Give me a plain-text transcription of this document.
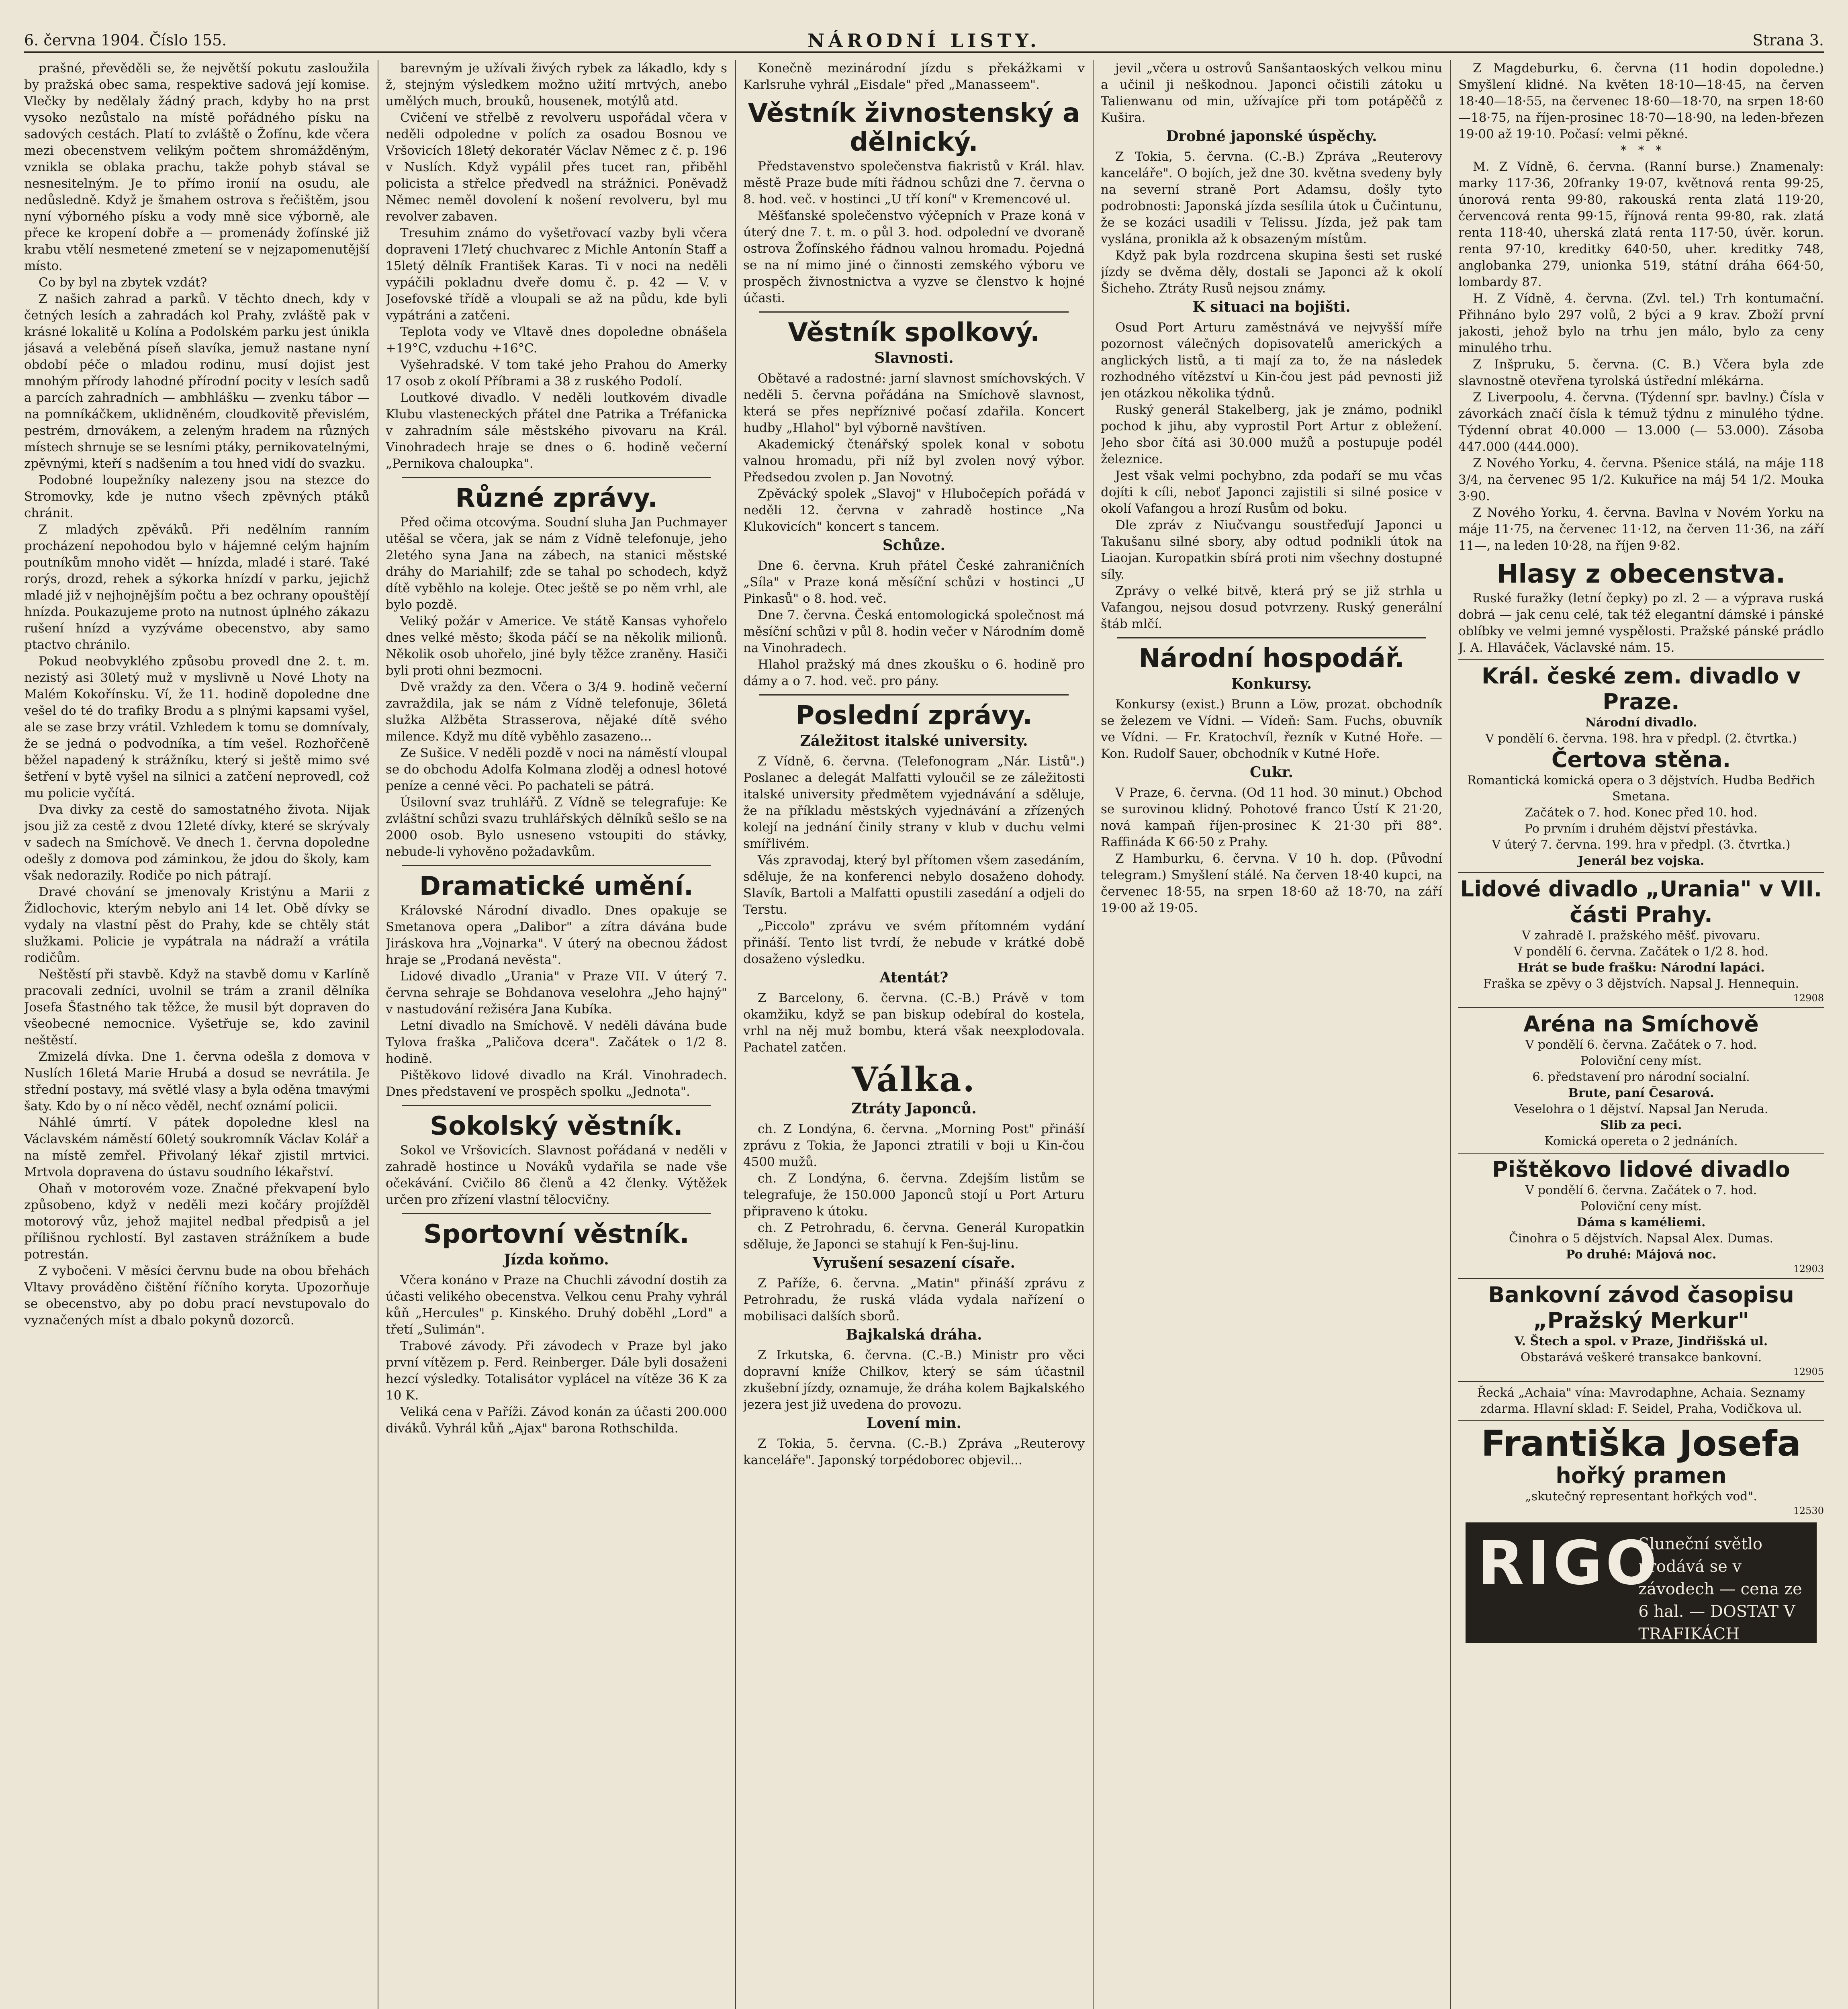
6. června 1904. Číslo 155.	NÁRODNÍ LISTY.	Strana 3.

prašné, převěděli se, že největší pokutu zasloužila by pražská obec sama, respektive sadová její komise. Vlečky by nedělaly žádný prach, kdyby ho na prst vysoko nezůstalo na místě pořádného písku na sadových cestách. Platí to zvláště o Žofínu, kde včera mezi obecenstvem velikým počtem shromážděným, vznikla se oblaka prachu, takže pohyb stával se nesnesitelným. Je to přímo ironií na osudu, ale nedůsledně. Když je šmahem ostrova s řečištěm, jsou nyní výborného písku a vody mně sice výborně, ale přece ke kropení dobře a — promenády žofínské již krabu vtělí nesmetené zmetení se v nejzapomenutější místo.

Co by byl na zbytek vzdát?

Z našich zahrad a parků. V těchto dnech, kdy v četných lesích a zahradách kol Prahy, zvláště pak v krásné lokalitě u Kolína a Podolském parku jest únikla jásavá a veleběná píseň slavíka, jemuž nastane nyní období péče o mladou rodinu, musí dojist jest mnohým přírody lahodné přírodní pocity v lesích sadů a parcích zahradních — ambhlášku — zvenku tábor — na pomníkáčkem, uklidněném, cloudkovitě převislém, pestrém, drnovákem, a zeleným hradem na různých místech shrnuje se se lesními ptáky, pernikovatelnými, zpěvnými, kteří s nadšením a tou hned vidí do svazku.

Podobné loupežníky nalezeny jsou na stezce do Stromovky, kde je nutno všech zpěvných ptáků chránit.

Z mladých zpěváků. Při nedělním ranním procházení nepohodou bylo v hájemné celým hajním poutníkům mnoho vidět — hnízda, mladé i staré. Také rorýs, drozd, rehek a sýkorka hnízdí v parku, jejichž mladé již v nejhojnějším počtu a bez ochrany opouštějí hnízda. Poukazujeme proto na nutnost úplného zákazu rušení hnízd a vyzýváme obecenstvo, aby samo ptactvo chránilo.

Pokud neobvyklého způsobu provedl dne 2. t. m. nezistý asi 30letý muž v myslivně u Nové Lhoty na Malém Kokořínsku. Ví, že 11. hodině dopoledne dne vešel do té do trafiky Brodu a s plnými kapsami vyšel, ale se zase brzy vrátil. Vzhledem k tomu se domnívaly, že se jedná o podvodníka, a tím vešel. Rozhořčeně běžel napadený k strážníku, který si ještě mimo své šetření v bytě vyšel na silnici a zatčení neprovedl, což mu policie vyčítá.

Dva divky za cestě do samostatného života. Nijak jsou již za cestě z dvou 12leté dívky, které se skrývaly v sadech na Smíchově. Ve dnech 1. června dopoledne odešly z domova pod záminkou, že jdou do školy, kam však nedorazily. Rodiče po nich pátrají.

Dravé chování se jmenovaly Kristýnu a Marii z Židlochovic, kterým nebylo ani 14 let. Obě dívky se vydaly na vlastní pěst do Prahy, kde se chtěly stát služkami. Policie je vypátrala na nádraží a vrátila rodičům.

Neštěstí při stavbě. Když na stavbě domu v Karlíně pracovali zedníci, uvolnil se trám a zranil dělníka Josefa Šťastného tak těžce, že musil být dopraven do všeobecné nemocnice. Vyšetřuje se, kdo zavinil neštěstí.

Zmizelá dívka. Dne 1. června odešla z domova v Nuslích 16letá Marie Hrubá a dosud se nevrátila. Je střední postavy, má světlé vlasy a byla oděna tmavými šaty. Kdo by o ní něco věděl, nechť oznámí policii.

Náhlé úmrtí. V pátek dopoledne klesl na Václavském náměstí 60letý soukromník Václav Kolář a na místě zemřel. Přivolaný lékař zjistil mrtvici. Mrtvola dopravena do ústavu soudního lékařství.

Ohaň v motorovém voze. Značné překvapení bylo způsobeno, když v neděli mezi kočáry projížděl motorový vůz, jehož majitel nedbal předpisů a jel přílišnou rychlostí. Byl zastaven strážníkem a bude potrestán.

Z vybočeni. V měsíci červnu bude na obou břehách Vltavy prováděno čištění říčního koryta. Upozorňuje se obecenstvo, aby po dobu prací nevstupovalo do vyznačených míst a dbalo pokynů dozorců.

barevným je užívali živých rybek za lákadlo, kdy s ž, stejným výsledkem možno užití mrtvých, anebo umělých much, brouků, housenek, motýlů atd.

Cvičení ve střelbě z revolveru uspořádal včera v neděli odpoledne v polích za osadou Bosnou ve Vršovicích 18letý dekoratér Václav Němec z č. p. 196 v Nuslích. Když vypálil přes tucet ran, přiběhl policista a střelce předvedl na strážnici. Poněvadž Němec neměl dovolení k nošení revolveru, byl mu revolver zabaven.

Tresuhim známo do vyšetřovací vazby byli včera dopraveni 17letý chuchvarec z Michle Antonín Staff a 15letý dělník František Karas. Ti v noci na neděli vypáčili pokladnu dveře domu č. p. 42 — V. v Josefovské třídě a vloupali se až na půdu, kde byli vypátráni a zatčeni.

Teplota vody ve Vltavě dnes dopoledne obnášela +19°C, vzduchu +16°C.

Vyšehradské. V tom také jeho Prahou do Amerky 17 osob z okolí Příbrami a 38 z ruského Podolí.

Loutkové divadlo. V neděli loutkovém divadle Klubu vlasteneckých přátel dne Patrika a Tréfanicka v zahradním sále městského pivovaru na Král. Vinohradech hraje se dnes o 6. hodině večerní „Pernikova chaloupka".

Různé zprávy.

Před očima otcovýma. Soudní sluha Jan Puchmayer utěšal se včera, jak se nám z Vídně telefonuje, jeho 2letého syna Jana na zábech, na stanici městské dráhy do Mariahilf; zde se tahal po schodech, když dítě vyběhlo na koleje. Otec ještě se po něm vrhl, ale bylo pozdě.

Veliký požár v Americe. Ve státě Kansas vyhořelo dnes velké město; škoda páčí se na několik milionů. Několik osob uhořelo, jiné byly těžce zraněny. Hasiči byli proti ohni bezmocni.

Dvě vraždy za den. Včera o 3/4 9. hodině večerní zavraždila, jak se nám z Vídně telefonuje, 36letá služka Alžběta Strasserova, nějaké dítě svého milence. Když mu dítě vyběhlo zasazeno...

Ze Sušice. V neděli pozdě v noci na náměstí vloupal se do obchodu Adolfa Kolmana zloděj a odnesl hotové peníze a cenné věci. Po pachateli se pátrá.

Úsilovní svaz truhlářů. Z Vídně se telegrafuje: Ke zvláštní schůzi svazu truhlářských dělníků sešlo se na 2000 osob. Bylo usneseno vstoupiti do stávky, nebude-li vyhověno požadavkům.

Dramatické umění.

Královské Národní divadlo. Dnes opakuje se Smetanova opera „Dalibor" a zítra dávána bude Jiráskova hra „Vojnarka". V úterý na obecnou žádost hraje se „Prodaná nevěsta".

Lidové divadlo „Urania" v Praze VII. V úterý 7. června sehraje se Bohdanova veselohra „Jeho hajný" v nastudování režiséra Jana Kubíka.

Letní divadlo na Smíchově. V neděli dávána bude Tylova fraška „Paličova dcera". Začátek o 1/2 8. hodině.

Pištěkovo lidové divadlo na Král. Vinohradech. Dnes představení ve prospěch spolku „Jednota".

Sokolský věstník.

Sokol ve Vršovicích. Slavnost pořádaná v neděli v zahradě hostince u Nováků vydařila se nade vše očekávání. Cvičilo 86 členů a 42 členky. Výtěžek určen pro zřízení vlastní tělocvičny.

Sportovní věstník.
Jízda koňmo.

Včera konáno v Praze na Chuchli závodní dostih za účasti velikého obecenstva. Velkou cenu Prahy vyhrál kůň „Hercules" p. Kinského. Druhý doběhl „Lord" a třetí „Sulimán".

Trabové závody. Při závodech v Praze byl jako první vítězem p. Ferd. Reinberger. Dále byli dosaženi hezcí výsledky. Totalisátor vyplácel na vítěze 36 K za 10 K.

Veliká cena v Paříži. Závod konán za účasti 200.000 diváků. Vyhrál kůň „Ajax" barona Rothschilda.

Konečně mezinárodní jízdu s překážkami v Karlsruhe vyhrál „Eisdale" před „Manasseem".

Věstník živnostenský a dělnický.

Představenstvo společenstva fiakristů v Král. hlav. městě Praze bude míti řádnou schůzi dne 7. června o 8. hod. več. v hostinci „U tří koní" v Kremencové ul.

Měšťanské společenstvo výčepních v Praze koná v úterý dne 7. t. m. o půl 3. hod. odpolední ve dvoraně ostrova Žofínského řádnou valnou hromadu. Pojedná se na ní mimo jiné o činnosti zemského výboru ve prospěch živnostnictva a vyzve se členstvo k hojné účasti.

Věstník spolkový.
Slavnosti.

Obětavé a radostné: jarní slavnost smíchovských. V neděli 5. června pořádána na Smíchově slavnost, která se přes nepříznivé počasí zdařila. Koncert hudby „Hlahol" byl výborně navštíven.

Akademický čtenářský spolek konal v sobotu valnou hromadu, při níž byl zvolen nový výbor. Předsedou zvolen p. Jan Novotný.

Zpěvácký spolek „Slavoj" v Hlubočepích pořádá v neděli 12. června v zahradě hostince „Na Klukovicích" koncert s tancem.

Schůze.

Dne 6. června. Kruh přátel České zahraničních „Síla" v Praze koná měsíční schůzi v hostinci „U Pinkasů" o 8. hod. več.

Dne 7. června. Česká entomologická společnost má měsíční schůzi v půl 8. hodin večer v Národním domě na Vinohradech.

Hlahol pražský má dnes zkoušku o 6. hodině pro dámy a o 7. hod. več. pro pány.

Poslední zprávy.
Záležitost italské university.

Z Vídně, 6. června. (Telefonogram „Nár. Listů".) Poslanec a delegát Malfatti vyloučil se ze záležitosti italské university předmětem vyjednávání a sděluje, že na příkladu městských vyjednávání a zřízených kolejí na jednání činily strany v klub v duchu velmi smířlivém.

Vás zpravodaj, který byl přítomen všem zasedáním, sděluje, že na konferenci nebylo dosaženo dohody. Slavík, Bartoli a Malfatti opustili zasedání a odjeli do Terstu.

„Piccolo" zprávu ve svém přítomném vydání přináší. Tento list tvrdí, že nebude v krátké době dosaženo výsledku.

Atentát?

Z Barcelony, 6. června. (C.-B.) Právě v tom okamžiku, když se pan biskup odebíral do kostela, vrhl na něj muž bombu, která však neexplodovala. Pachatel zatčen.

Válka.
Ztráty Japonců.

ch. Z Londýna, 6. června. „Morning Post" přináší zprávu z Tokia, že Japonci ztratili v boji u Kin-čou 4500 mužů.

ch. Z Londýna, 6. června. Zdejším listům se telegrafuje, že 150.000 Japonců stojí u Port Arturu připraveno k útoku.

ch. Z Petrohradu, 6. června. Generál Kuropatkin sděluje, že Japonci se stahují k Fen-šuj-linu.

Vyrušení sesazení císaře.

Z Paříže, 6. června. „Matin" přináší zprávu z Petrohradu, že ruská vláda vydala nařízení o mobilisaci dalších sborů.

Bajkalská dráha.

Z Irkutska, 6. června. (C.-B.) Ministr pro věci dopravní kníže Chilkov, který se sám účastnil zkušební jízdy, oznamuje, že dráha kolem Bajkalského jezera jest již uvedena do provozu.

Lovení min.

Z Tokia, 5. června. (C.-B.) Zpráva „Reuterovy kanceláře". Japonský torpédoborec objevil...

jevil „včera u ostrovů Sanšantaoských velkou minu a učinil ji neškodnou. Japonci očistili zátoku u Talienwanu od min, užívajíce při tom potápěčů z Kušira.

Drobné japonské úspěchy.

Z Tokia, 5. června. (C.-B.) Zpráva „Reuterovy kanceláře". O bojích, jež dne 30. května svedeny byly na severní straně Port Adamsu, došly tyto podrobnosti: Japonská jízda sesílila útok u Čučintunu, že se kozáci usadili v Telissu. Jízda, jež pak tam vyslána, pronikla až k obsazeným místům.

Když pak byla rozdrcena skupina šesti set ruské jízdy se dvěma děly, dostali se Japonci až k okolí Šicheho. Ztráty Rusů nejsou známy.

K situaci na bojišti.

Osud Port Arturu zaměstnává ve nejvyšší míře pozornost válečných dopisovatelů amerických a anglických listů, a ti mají za to, že na následek rozhodného vítězství u Kin-čou jest pád pevnosti již jen otázkou několika týdnů.

Ruský generál Stakelberg, jak je známo, podnikl pochod k jihu, aby vyprostil Port Artur z obležení. Jeho sbor čítá asi 30.000 mužů a postupuje podél železnice.

Jest však velmi pochybno, zda podaří se mu včas dojíti k cíli, neboť Japonci zajistili si silné posice v okolí Vafangou a hrozí Rusům od boku.

Dle zpráv z Niučvangu soustřeďují Japonci u Takušanu silné sbory, aby odtud podnikli útok na Liaojan. Kuropatkin sbírá proti nim všechny dostupné síly.

Zprávy o velké bitvě, která prý se již strhla u Vafangou, nejsou dosud potvrzeny. Ruský generální štáb mlčí.

Národní hospodář.
Konkursy.

Konkursy (exist.) Brunn a Löw, prozat. obchodník se železem ve Vídni. — Vídeň: Sam. Fuchs, obuvník ve Vídni. — Fr. Kratochvíl, řezník v Kutné Hoře. — Kon. Rudolf Sauer, obchodník v Kutné Hoře.

Cukr.

V Praze, 6. června. (Od 11 hod. 30 minut.) Obchod se surovinou klidný. Pohotové franco Ústí K 21·20, nová kampaň říjen-prosinec K 21·30 při 88°. Raffináda K 66·50 z Prahy.

Z Hamburku, 6. června. V 10 h. dop. (Původní telegram.) Smyšlení stálé. Na červen 18·40 kupci, na červenec 18·55, na srpen 18·60 až 18·70, na září 19·00 až 19·05.

Z Magdeburku, 6. června (11 hodin dopoledne.) Smyšlení klidné. Na květen 18·10—18·45, na červen 18·40—18·55, na červenec 18·60—18·70, na srpen 18·60—18·75, na říjen-prosinec 18·70—18·90, na leden-březen 19·00 až 19·10. Počasí: velmi pěkné.

*   *   *

M. Z Vídně, 6. června. (Ranní burse.) Znamenaly: marky 117·36, 20franky 19·07, květnová renta 99·25, únorová renta 99·80, rakouská renta zlatá 119·20, červencová renta 99·15, říjnová renta 99·80, rak. zlatá renta 118·40, uherská zlatá renta 117·50, úvěr. korun. renta 97·10, kreditky 640·50, uher. kreditky 748, anglobanka 279, unionka 519, státní dráha 664·50, lombardy 87.

H. Z Vídně, 4. června. (Zvl. tel.) Trh kontumační. Přihnáno bylo 297 volů, 2 býci a 9 krav. Zboží první jakosti, jehož bylo na trhu jen málo, bylo za ceny minulého trhu.

Z Inšpruku, 5. června. (C. B.) Včera byla zde slavnostně otevřena tyrolská ústřední mlékárna.

Z Liverpoolu, 4. června. (Týdenní spr. bavlny.) Čísla v závorkách značí čísla k témuž týdnu z minulého týdne. Týdenní obrat 40.000 — 13.000 (— 53.000). Zásoba 447.000 (444.000).

Z Nového Yorku, 4. června. Pšenice stálá, na máje 118 3/4, na červenec 95 1/2. Kukuřice na máj 54 1/2. Mouka 3·90.

Z Nového Yorku, 4. června. Bavlna v Novém Yorku na máje 11·75, na červenec 11·12, na červen 11·36, na září 11—, na leden 10·28, na říjen 9·82.

Hlasy z obecenstva.

Ruské furažky (letní čepky) po zl. 2 — a výprava ruská dobrá — jak cenu celé, tak též elegantní dámské i pánské oblíbky ve velmi jemné vyspělosti. Pražské pánské prádlo J. A. Hlaváček, Václavské nám. 15.

Král. české zem. divadlo v Praze.
Národní divadlo.
V pondělí 6. června. 198. hra v předpl. (2. čtvrtka.)
Čertova stěna.
Romantická komická opera o 3 dějstvích. Hudba Bedřich Smetana.
Začátek o 7. hod. Konec před 10. hod.
Po prvním i druhém dějství přestávka.
V úterý 7. června. 199. hra v předpl. (3. čtvrtka.)
Jenerál bez vojska.
Lidové divadlo „Urania" v VII. části Prahy.
V zahradě I. pražského měšť. pivovaru.
V pondělí 6. června. Začátek o 1/2 8. hod.
Hrát se bude frašku: Národní lapáci.
Fraška se zpěvy o 3 dějstvích. Napsal J. Hennequin.
12908
Aréna na Smíchově
V pondělí 6. června. Začátek o 7. hod.
Poloviční ceny míst.
6. představení pro národní socialní.
Brute, paní Česarová.
Veselohra o 1 dějství. Napsal Jan Neruda.
Slib za peci.
Komická opereta o 2 jednáních.
Pištěkovo lidové divadlo
V pondělí 6. června. Začátek o 7. hod.
Poloviční ceny míst.
Dáma s kaméliemi.
Činohra o 5 dějstvích. Napsal Alex. Dumas.
Po druhé: Májová noc.
12903
Bankovní závod časopisu „Pražský Merkur"
V. Štech a spol. v Praze, Jindřišská ul.
Obstarává veškeré transakce bankovní.
12905
Řecká „Achaia" vína: Mavrodaphne, Achaia. Seznamy zdarma. Hlavní sklad: F. Seidel, Praha, Vodičkova ul.
Františka Josefa
hořký pramen
„skutečný representant hořkých vod".
12530
RIGO
Sluneční světlo prodává se v závodech — cena ze 6 hal. — DOSTAT V TRAFIKÁCH
